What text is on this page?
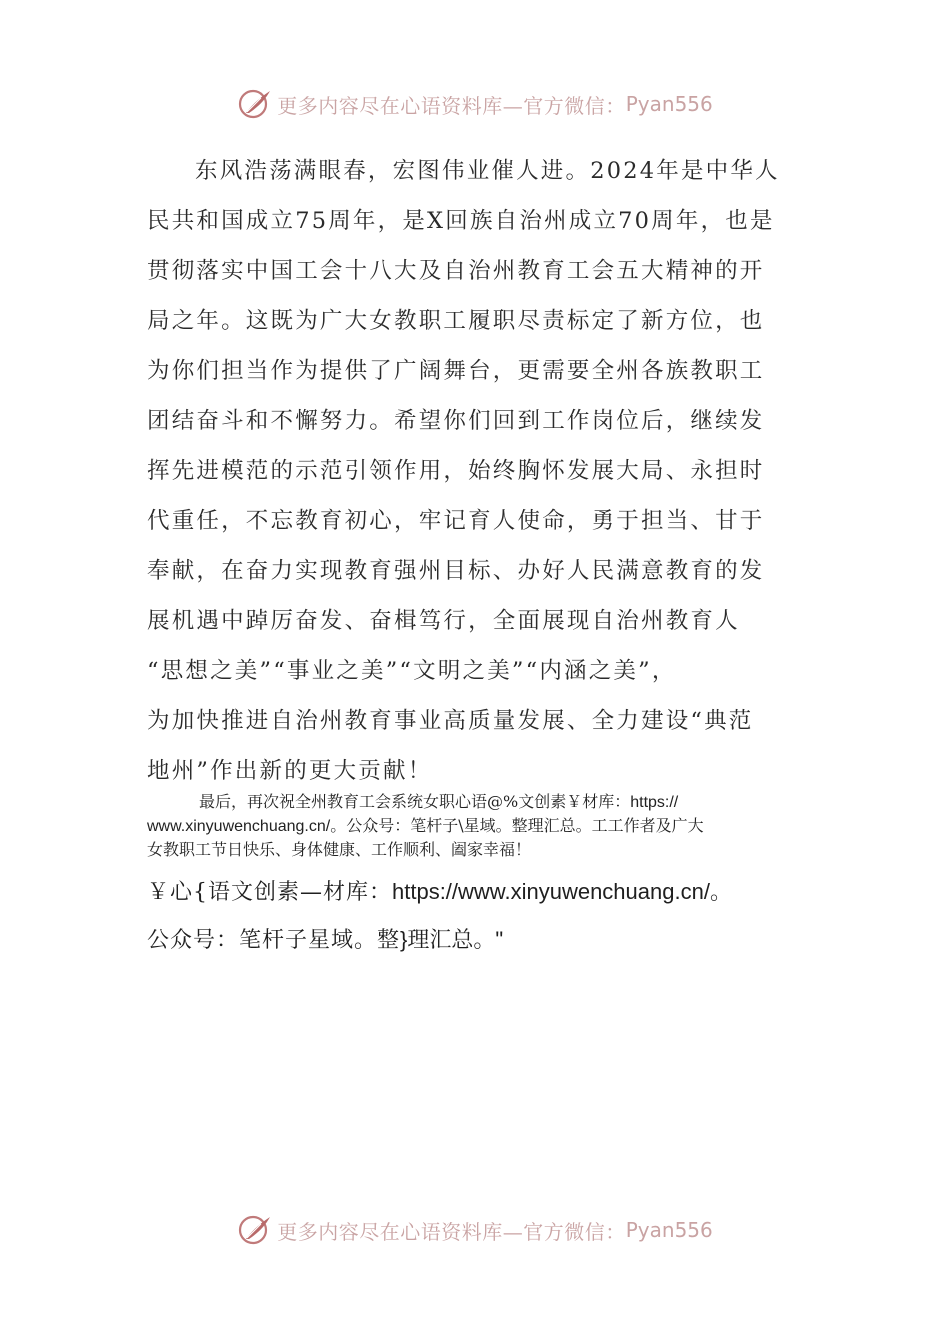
更多内容尽在心语资料库—官方微信： Pyan556
东风浩荡满眼春，宏图伟业催人进。2024年是中华人
民共和国成立75周年，是X回族自治州成立70周年，也是
贯彻落实中国工会十八大及自治州教育工会五大精神的开
局之年。这既为广大女教职工履职尽责标定了新方位，也
为你们担当作为提供了广阔舞台，更需要全州各族教职工
团结奋斗和不懈努力。希望你们回到工作岗位后，继续发
挥先进模范的示范引领作用，始终胸怀发展大局、永担时
代重任，不忘教育初心，牢记育人使命，勇于担当、甘于
奉献，在奋力实现教育强州目标、办好人民满意教育的发
展机遇中踔厉奋发、奋楫笃行，全面展现自治州教育人
“思想之美”“事业之美”“文明之美”“内涵之美”，
为加快推进自治州教育事业高质量发展、全力建设“典范
地州”作出新的更大贡献！
最后，再次祝全州教育工会系统女职心语@%文创素￥材库：https://
www.xinyuwenchuang.cn/。公众号：笔杆子\星域。整理汇总。工工作者及广大
女教职工节日快乐、身体健康、工作顺利、阖家幸福！
￥心{语文创素—材库：https://www.xinyuwenchuang.cn/。
公众号：笔杆子星域。整}理汇总。"
更多内容尽在心语资料库—官方微信： Pyan556
